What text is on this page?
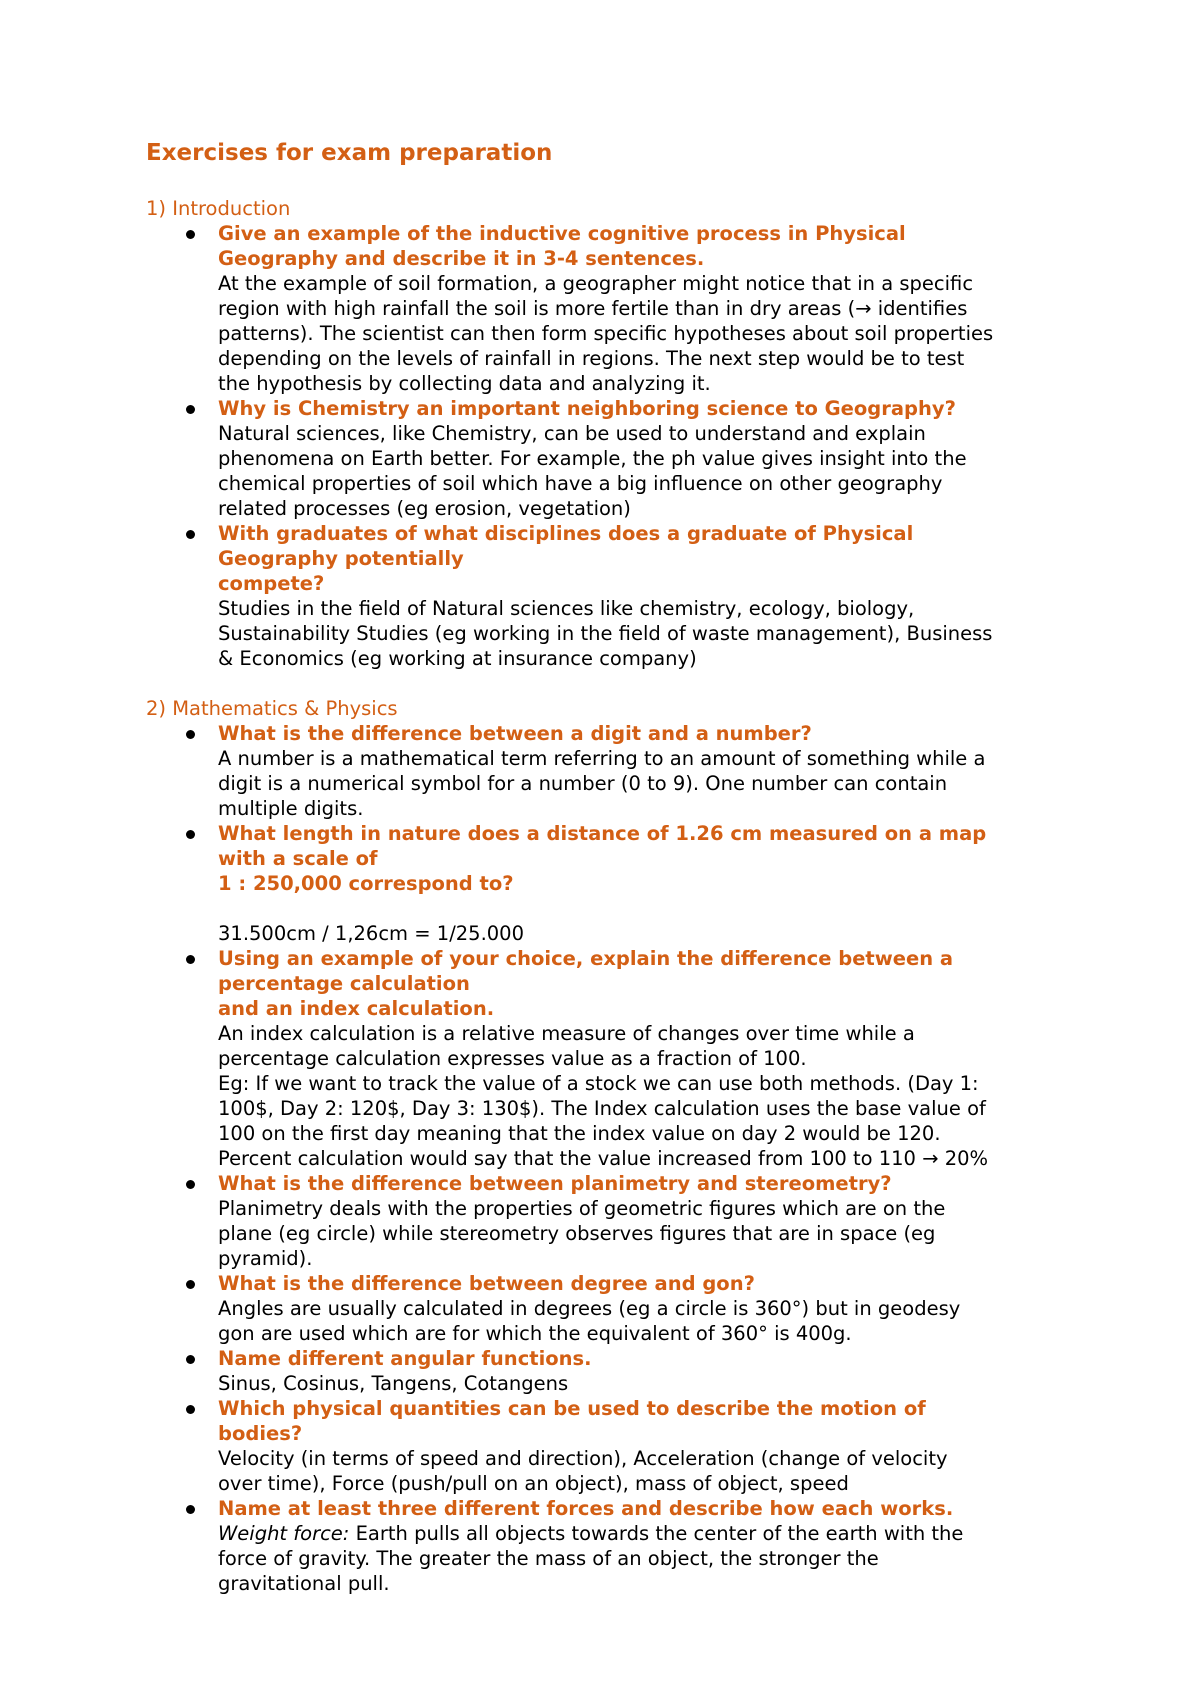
Exercises for exam preparation
1) Introduction
Give an example of the inductive cognitive process in Physical
Geography and describe it in 3-4 sentences.
At the example of soil formation, a geographer might notice that in a specific
region with high rainfall the soil is more fertile than in dry areas (→ identifies
patterns). The scientist can then form specific hypotheses about soil properties
depending on the levels of rainfall in regions. The next step would be to test
the hypothesis by collecting data and analyzing it.
Why is Chemistry an important neighboring science to Geography?
Natural sciences, like Chemistry, can be used to understand and explain
phenomena on Earth better. For example, the ph value gives insight into the
chemical properties of soil which have a big influence on other geography
related processes (eg erosion, vegetation)
With graduates of what disciplines does a graduate of Physical
Geography potentially
compete?
Studies in the field of Natural sciences like chemistry, ecology, biology,
Sustainability Studies (eg working in the field of waste management), Business
& Economics (eg working at insurance company)
2) Mathematics & Physics
What is the difference between a digit and a number?
A number is a mathematical term referring to an amount of something while a
digit is a numerical symbol for a number (0 to 9). One number can contain
multiple digits.
What length in nature does a distance of 1.26 cm measured on a map
with a scale of
1 : 250,000 correspond to?
31.500cm / 1,26cm = 1/25.000
Using an example of your choice, explain the difference between a
percentage calculation
and an index calculation.
An index calculation is a relative measure of changes over time while a
percentage calculation expresses value as a fraction of 100.
Eg: If we want to track the value of a stock we can use both methods. (Day 1:
100$, Day 2: 120$, Day 3: 130$). The Index calculation uses the base value of
100 on the first day meaning that the index value on day 2 would be 120.
Percent calculation would say that the value increased from 100 to 110 → 20%
What is the difference between planimetry and stereometry?
Planimetry deals with the properties of geometric figures which are on the
plane (eg circle) while stereometry observes figures that are in space (eg
pyramid).
What is the difference between degree and gon?
Angles are usually calculated in degrees (eg a circle is 360°) but in geodesy
gon are used which are for which the equivalent of 360° is 400g.
Name different angular functions.
Sinus, Cosinus, Tangens, Cotangens
Which physical quantities can be used to describe the motion of
bodies?
Velocity (in terms of speed and direction), Acceleration (change of velocity
over time), Force (push/pull on an object), mass of object, speed
Name at least three different forces and describe how each works.
Weight force: Earth pulls all objects towards the center of the earth with the
force of gravity. The greater the mass of an object, the stronger the
gravitational pull.
